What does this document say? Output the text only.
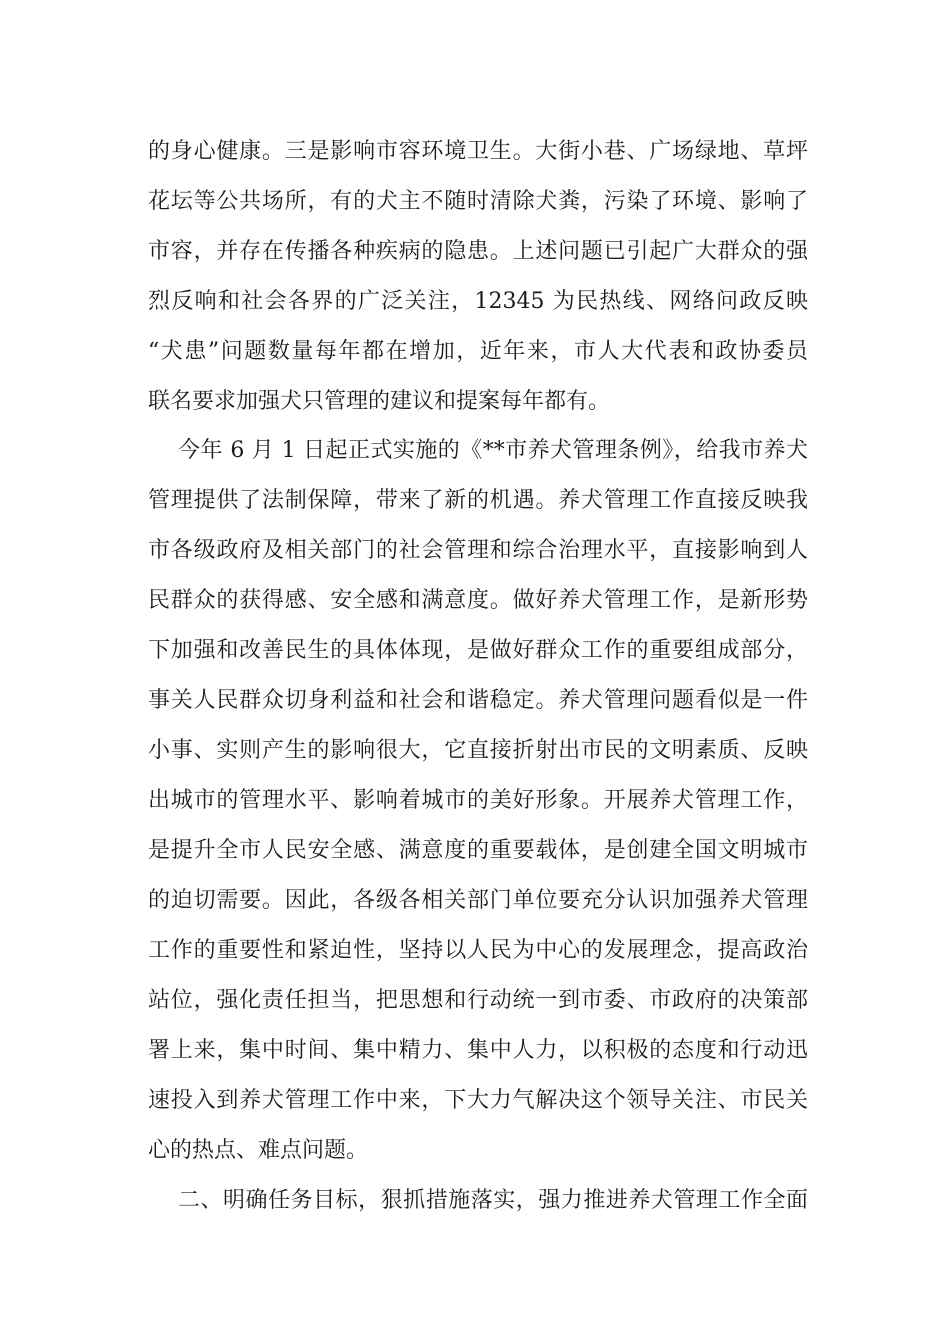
的身心健康。三是影响市容环境卫生。大街小巷、广场绿地、草坪
花坛等公共场所，有的犬主不随时清除犬粪，污染了环境、影响了
市容，并存在传播各种疾病的隐患。上述问题已引起广大群众的强
烈反响和社会各界的广泛关注，12345 为民热线、网络问政反映
“犬患”问题数量每年都在增加，近年来，市人大代表和政协委员
联名要求加强犬只管理的建议和提案每年都有。
今年 6 月 1 日起正式实施的《**市养犬管理条例》，给我市养犬
管理提供了法制保障，带来了新的机遇。养犬管理工作直接反映我
市各级政府及相关部门的社会管理和综合治理水平，直接影响到人
民群众的获得感、安全感和满意度。做好养犬管理工作，是新形势
下加强和改善民生的具体体现，是做好群众工作的重要组成部分，
事关人民群众切身利益和社会和谐稳定。养犬管理问题看似是一件
小事、实则产生的影响很大，它直接折射出市民的文明素质、反映
出城市的管理水平、影响着城市的美好形象。开展养犬管理工作，
是提升全市人民安全感、满意度的重要载体，是创建全国文明城市
的迫切需要。因此，各级各相关部门单位要充分认识加强养犬管理
工作的重要性和紧迫性，坚持以人民为中心的发展理念，提高政治
站位，强化责任担当，把思想和行动统一到市委、市政府的决策部
署上来，集中时间、集中精力、集中人力，以积极的态度和行动迅
速投入到养犬管理工作中来，下大力气解决这个领导关注、市民关
心的热点、难点问题。
二、明确任务目标，狠抓措施落实，强力推进养犬管理工作全面
